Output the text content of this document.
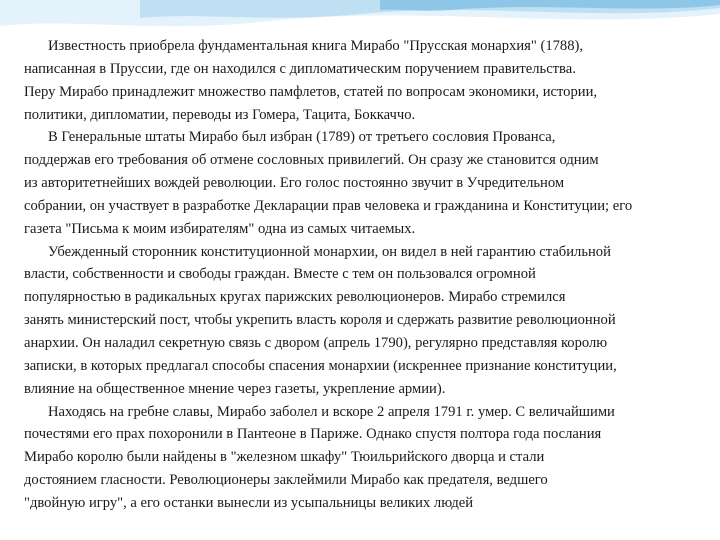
Известность приобрела фундаментальная книга Мирабо "Прусская монархия" (1788),
написанная в Пруссии, где он находился с дипломатическим поручением правительства.
Перу Мирабо принадлежит множество памфлетов, статей по вопросам экономики, истории,
политики, дипломатии, переводы из Гомера, Тацита, Боккаччо.
В Генеральные штаты Мирабо был избран (1789) от третьего сословия Прованса,
поддержав его требования об отмене сословных привилегий. Он сразу же становится одним
из авторитетнейших вождей революции. Его голос постоянно звучит в Учредительном
собрании, он участвует в разработке Декларации прав человека и гражданина и Конституции; его
газета "Письма к моим избирателям" одна из самых читаемых.
Убежденный сторонник конституционной монархии, он видел в ней гарантию стабильной
власти, собственности и свободы граждан. Вместе с тем он пользовался огромной
популярностью в радикальных кругах парижских революционеров. Мирабо стремился
занять министерский пост, чтобы укрепить власть короля и сдержать развитие революционной
анархии. Он наладил секретную связь с двором (апрель 1790), регулярно представляя королю
записки, в которых предлагал способы спасения монархии (искреннее признание конституции,
влияние на общественное мнение через газеты, укрепление армии).
Находясь на гребне славы, Мирабо заболел и вскоре 2 апреля 1791 г. умер. С величайшими
почестями его прах похоронили в Пантеоне в Париже. Однако спустя полтора года послания
Мирабо королю были найдены в "железном шкафу" Тюильрийского дворца и стали
достоянием гласности. Революционеры заклеймили Мирабо как предателя, ведшего
"двойную игру", а его останки вынесли из усыпальницы великих людей
